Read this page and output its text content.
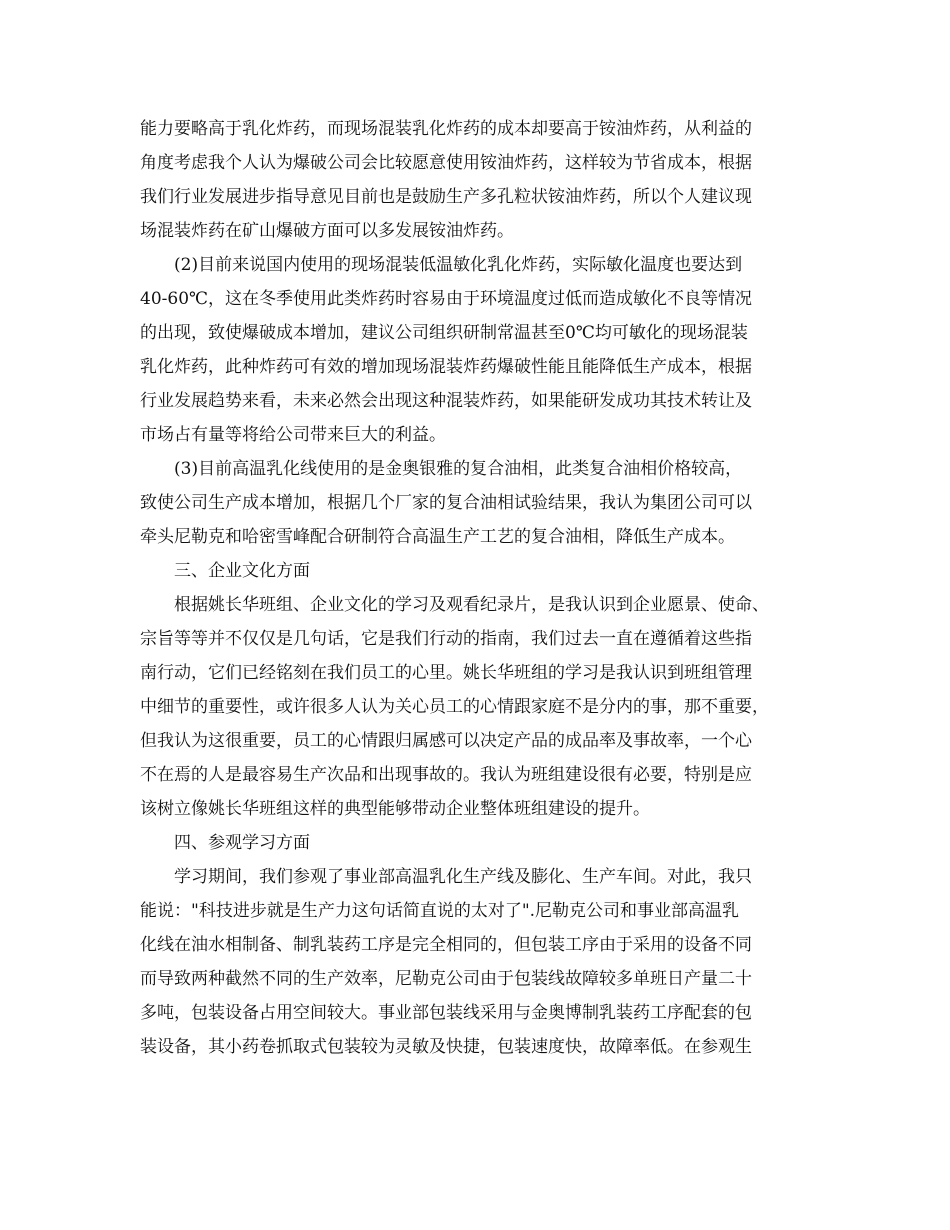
能力要略高于乳化炸药，而现场混装乳化炸药的成本却要高于铵油炸药，从利益的
角度考虑我个人认为爆破公司会比较愿意使用铵油炸药，这样较为节省成本，根据
我们行业发展进步指导意见目前也是鼓励生产多孔粒状铵油炸药，所以个人建议现
场混装炸药在矿山爆破方面可以多发展铵油炸药。
(2)目前来说国内使用的现场混装低温敏化乳化炸药，实际敏化温度也要达到
40-60℃，这在冬季使用此类炸药时容易由于环境温度过低而造成敏化不良等情况
的出现，致使爆破成本增加，建议公司组织研制常温甚至0℃均可敏化的现场混装
乳化炸药，此种炸药可有效的增加现场混装炸药爆破性能且能降低生产成本，根据
行业发展趋势来看，未来必然会出现这种混装炸药，如果能研发成功其技术转让及
市场占有量等将给公司带来巨大的利益。
(3)目前高温乳化线使用的是金奥银雅的复合油相，此类复合油相价格较高，
致使公司生产成本增加，根据几个厂家的复合油相试验结果，我认为集团公司可以
牵头尼勒克和哈密雪峰配合研制符合高温生产工艺的复合油相，降低生产成本。
三、企业文化方面
根据姚长华班组、企业文化的学习及观看纪录片，是我认识到企业愿景、使命、
宗旨等等并不仅仅是几句话，它是我们行动的指南，我们过去一直在遵循着这些指
南行动，它们已经铭刻在我们员工的心里。姚长华班组的学习是我认识到班组管理
中细节的重要性，或许很多人认为关心员工的心情跟家庭不是分内的事，那不重要，
但我认为这很重要，员工的心情跟归属感可以决定产品的成品率及事故率，一个心
不在焉的人是最容易生产次品和出现事故的。我认为班组建设很有必要，特别是应
该树立像姚长华班组这样的典型能够带动企业整体班组建设的提升。
四、参观学习方面
学习期间，我们参观了事业部高温乳化生产线及膨化、生产车间。对此，我只
能说："科技进步就是生产力这句话简直说的太对了".尼勒克公司和事业部高温乳
化线在油水相制备、制乳装药工序是完全相同的，但包装工序由于采用的设备不同
而导致两种截然不同的生产效率，尼勒克公司由于包装线故障较多单班日产量二十
多吨，包装设备占用空间较大。事业部包装线采用与金奥博制乳装药工序配套的包
装设备，其小药卷抓取式包装较为灵敏及快捷，包装速度快，故障率低。在参观生
